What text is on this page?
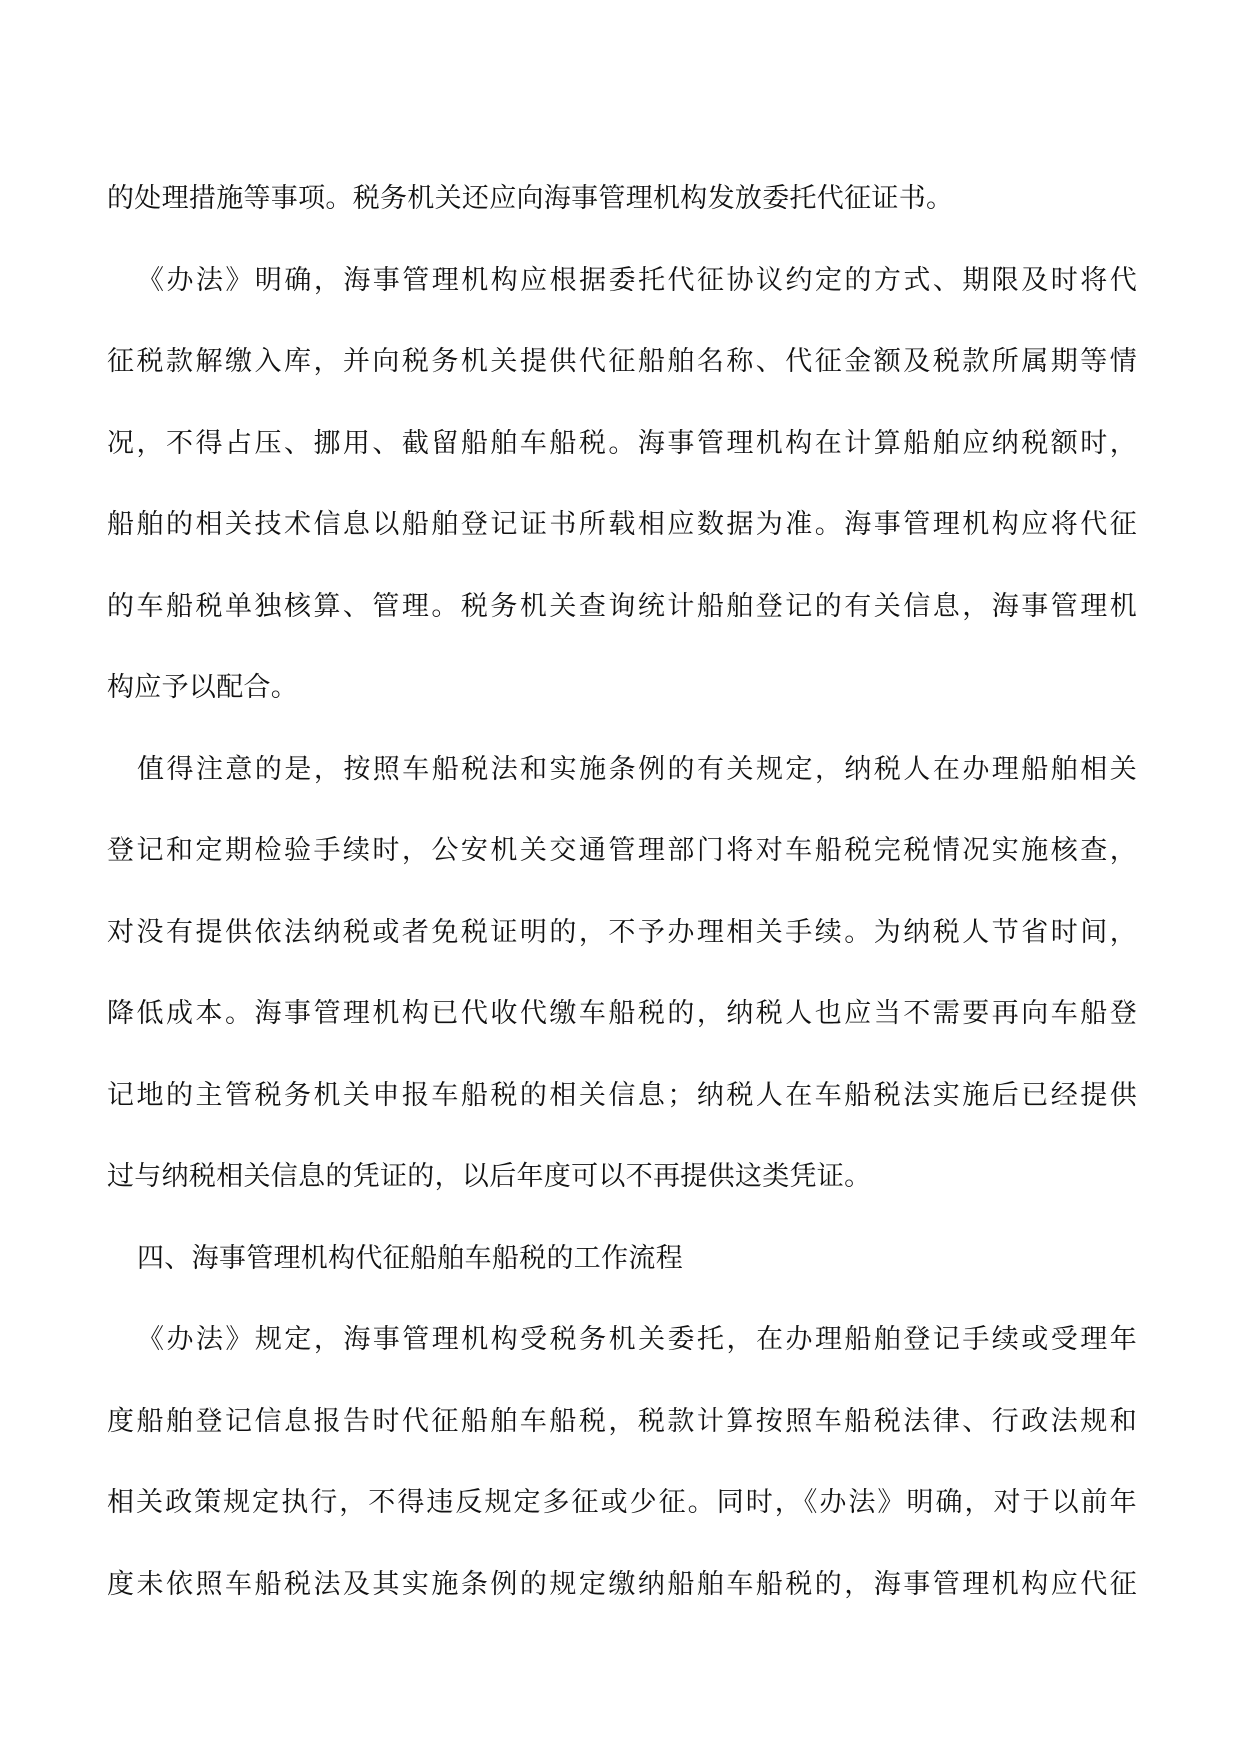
的处理措施等事项。税务机关还应向海事管理机构发放委托代征证书。
《办法》明确，海事管理机构应根据委托代征协议约定的方式、期限及时将代
征税款解缴入库，并向税务机关提供代征船舶名称、代征金额及税款所属期等情
况，不得占压、挪用、截留船舶车船税。海事管理机构在计算船舶应纳税额时，
船舶的相关技术信息以船舶登记证书所载相应数据为准。海事管理机构应将代征
的车船税单独核算、管理。税务机关查询统计船舶登记的有关信息，海事管理机
构应予以配合。
值得注意的是，按照车船税法和实施条例的有关规定，纳税人在办理船舶相关
登记和定期检验手续时，公安机关交通管理部门将对车船税完税情况实施核查，
对没有提供依法纳税或者免税证明的，不予办理相关手续。为纳税人节省时间，
降低成本。海事管理机构已代收代缴车船税的，纳税人也应当不需要再向车船登
记地的主管税务机关申报车船税的相关信息；纳税人在车船税法实施后已经提供
过与纳税相关信息的凭证的，以后年度可以不再提供这类凭证。
四、海事管理机构代征船舶车船税的工作流程
《办法》规定，海事管理机构受税务机关委托，在办理船舶登记手续或受理年
度船舶登记信息报告时代征船舶车船税，税款计算按照车船税法律、行政法规和
相关政策规定执行，不得违反规定多征或少征。同时，《办法》明确，对于以前年
度未依照车船税法及其实施条例的规定缴纳船舶车船税的，海事管理机构应代征
